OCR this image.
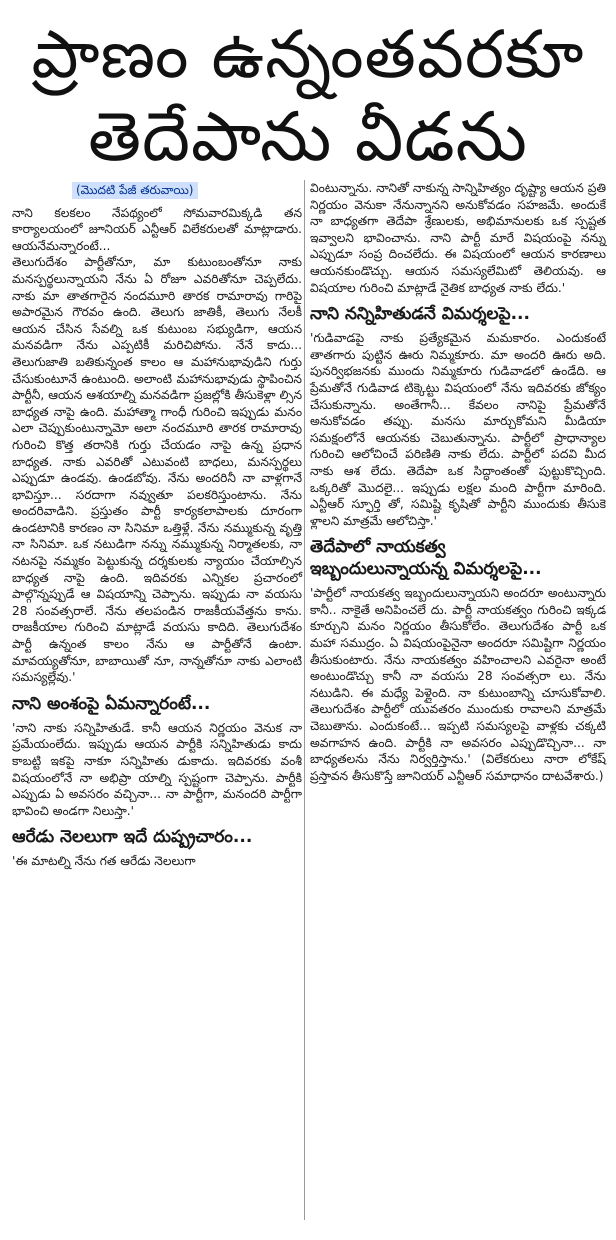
ప్రాణం ఉన్నంతవరకూ
తెదేపాను వీడను
(మొదటి పేజీ తరువాయి)

నాని కలకలం నేపథ్యంలో సోమవారమిక్కడి తన కార్యాలయంలో జూనియర్ ఎన్టీఆర్ విలేకరులతో మాట్లాడారు. ఆయనేమన్నారంటే...

తెలుగుదేశం పార్టీతోనూ, మా కుటుంబంతోనూ నాకు మనస్పర్థలున్నాయని నేను ఏ రోజూ ఎవరితోనూ చెప్పలేదు. నాకు మా తాతగారైన నందమూరి తారక రామారావు గారిపై అపారమైన గౌరవం ఉంది. తెలుగు జాతికీ, తెలుగు నేలకీ ఆయన చేసిన సేవల్ని ఒక కుటుంబ సభ్యుడిగా, ఆయన మనవడిగా నేను ఎప్పటికీ మరిచిపోను. నేనే కాదు... తెలుగుజాతి బతికున్నంత కాలం ఆ మహానుభావుడిని గుర్తు చేసుకుంటూనే ఉంటుంది. అలాంటి మహానుభావుడు స్థాపించిన పార్టీనీ, ఆయన ఆశయాల్ని మనవడిగా ప్రజల్లోకి తీసుకెళ్లా ల్సిన బాధ్యత నాపై ఉంది. మహాత్మా గాంధీ గురించి ఇప్పుడు మనం ఎలా చెప్పుకుంటున్నామో అలా నందమూరి తారక రామారావు గురించి కొత్త తరానికి గుర్తు చేయడం నాపై ఉన్న ప్రధాన బాధ్యత. నాకు ఎవరితో ఎటువంటి బాధలు, మనస్పర్థలు ఎప్పుడూ ఉండవు. ఉండబోవు. నేను అందరినీ నా వాళ్లగానే భావిస్తూ... సరదాగా నవ్వుతూ పలకరిస్తుంటాను. నేను అందరివాడిని. ప్రస్తుతం పార్టీ కార్యకలాపాలకు దూరంగా ఉండటానికి కారణం నా సినిమా ఒత్తిళ్లే. నేను నమ్ముకున్న వృత్తి నా సినిమా. ఒక నటుడిగా నన్ను నమ్ముకున్న నిర్మాతలకు, నా నటనపై నమ్మకం పెట్టుకున్న దర్శకులకు న్యాయం చేయాల్సిన బాధ్యత నాపై ఉంది. ఇదివరకు ఎన్నికల ప్రచారంలో పాల్గొన్నప్పుడే ఆ విషయాన్ని చెప్పాను. ఇప్పుడు నా వయసు 28 సంవత్సరాలే. నేను తలపండిన రాజకీయవేత్తను కాను. రాజకీయాల గురించి మాట్లాడే వయసు కాదిది. తెలుగుదేశం పార్టీ ఉన్నంత కాలం నేను ఆ పార్టీతోనే ఉంటా. మావయ్యతోనూ, బాబాయితో నూ, నాన్నతోనూ నాకు ఎలాంటి సమస్యల్లేవు.'

నాని అంశంపై ఏమన్నారంటే...

'నాని నాకు సన్నిహితుడే. కానీ ఆయన నిర్ణయం వెనుక నా ప్రమేయంలేదు. ఇప్పుడు ఆయన పార్టీకి సన్నిహితుడు కాదు కాబట్టి ఇకపై నాకూ సన్నిహితు డుకాదు. ఇదివరకు వంశీ విషయంలోనే నా అభిప్రా యాల్ని స్పష్టంగా చెప్పాను. పార్టీకి ఎప్పుడు ఏ అవసరం వచ్చినా... నా పార్టీగా, మనందరి పార్టీగా భావించి అండగా నిలుస్తా.'

ఆరేడు నెలలుగా ఇదే దుష్ప్రచారం...

'ఈ మాటల్ని నేను గత ఆరేడు నెలలుగా

వింటున్నాను. నానితో నాకున్న సాన్నిహిత్యం దృష్ట్యా ఆయన ప్రతి నిర్ణయం వెనుకా నేనున్నానని అనుకోవడం సహజమే. అందుకే నా బాధ్యతగా తెదేపా శ్రేణులకు, అభిమానులకు ఒక స్పష్టత ఇవ్వాలని భావించాను. నాని పార్టీ మారే విషయంపై నన్ను ఎప్పుడూ సంప్ర దించలేదు. ఈ విషయంలో ఆయన కారణాలు ఆయనకుండొచ్చు. ఆయన సమస్యలేమిటో తెలియవు. ఆ విషయాల గురించి మాట్లాడే నైతిక బాధ్యత నాకు లేదు.'

నాని నన్నిహితుడనే విమర్శలపై...

'గుడివాడపై నాకు ప్రత్యేకమైన మమకారం. ఎందుకంటే తాతగారు పుట్టిన ఊరు నిమ్మకూరు. మా అందరి ఊరు అది. పునర్విభజనకు ముందు నిమ్మకూరు గుడివాడలో ఉండేది. ఆ ప్రేమతోనే గుడివాడ టిక్కెట్టు విషయంలో నేను ఇదివరకు జోక్యం చేసుకున్నాను. అంతేగానీ... కేవలం నానిపై ప్రేమతోనే అనుకోవడం తప్పు. మనసు మార్చుకోమని మీడియా సమక్షంలోనే ఆయనకు చెబుతున్నాను. పార్టీలో ప్రాధాన్యాల గురించి ఆలోచించే పరిణితి నాకు లేదు. పార్టీలో పదవి మీద నాకు ఆశ లేదు. తెదేపా ఒక సిద్ధాంతంతో పుట్టుకొచ్చింది. ఒక్కరితో మొదలై... ఇప్పుడు లక్షల మంది పార్టీగా మారింది. ఎన్టీఆర్ స్ఫూర్తి తో, సమిష్టి కృషితో పార్టీని ముందుకు తీసుకె ళ్లాలని మాత్రమే ఆలోచిస్తా.'

తెదేపాలో నాయకత్వ
ఇబ్బందులున్నాయన్న విమర్శలపై...

'పార్టీలో నాయకత్వ ఇబ్బందులున్నాయని అందరూ అంటున్నారు కానీ.. నాకైతే అనిపించలే దు. పార్టీ నాయకత్వం గురించి ఇక్కడ కూర్చుని మనం నిర్ణయం తీసుకోలేం. తెలుగుదేశం పార్టీ ఒక మహా సముద్రం. ఏ విషయంపైనైనా అందరూ సమిష్టిగా నిర్ణయం తీసుకుంటారు. నేను నాయకత్వం వహించాలని ఎవరైనా అంటే అంటుండొచ్చు కానీ నా వయసు 28 సంవత్సరా లు. నేను నటుడిని. ఈ మధ్యే పెళ్లైంది. నా కుటుంబాన్ని చూసుకోవాలి. తెలుగుదేశం పార్టీలో యువతరం ముందుకు రావాలని మాత్రమే చెబుతాను. ఎందుకంటే... ఇప్పటి సమస్యలపై వాళ్లకు చక్కటి అవగాహన ఉంది. పార్టీకి నా అవసరం ఎప్పుడొచ్చినా... నా బాధ్యతలను నేను నిర్వర్తిస్తాను.' (విలేకరులు నారా లోకేష్ ప్రస్తావన తీసుకొస్తే జూనియర్ ఎన్టీఆర్ సమాధానం దాటవేశారు.)
